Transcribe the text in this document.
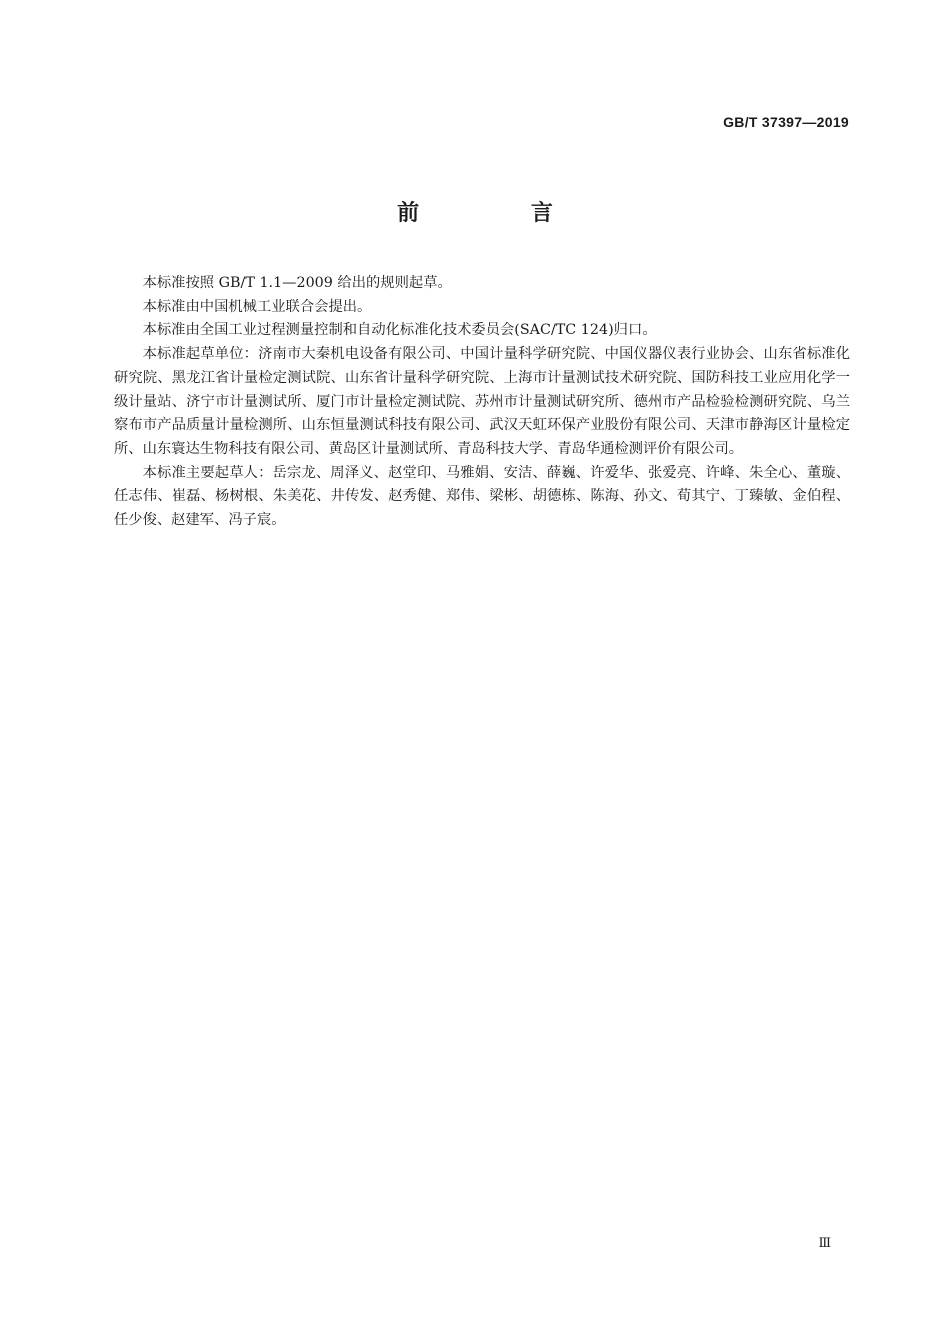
GB/T 37397—2019
前 言

本标准按照 GB/T 1.1—2009 给出的规则起草。

本标准由中国机械工业联合会提出。

本标准由全国工业过程测量控制和自动化标准化技术委员会(SAC/TC 124)归口。

本标准起草单位：济南市大秦机电设备有限公司、中国计量科学研究院、中国仪器仪表行业协会、山东省标准化研究院、黑龙江省计量检定测试院、山东省计量科学研究院、上海市计量测试技术研究院、国防科技工业应用化学一级计量站、济宁市计量测试所、厦门市计量检定测试院、苏州市计量测试研究所、德州市产品检验检测研究院、乌兰察布市产品质量计量检测所、山东恒量测试科技有限公司、武汉天虹环保产业股份有限公司、天津市静海区计量检定所、山东寰达生物科技有限公司、黄岛区计量测试所、青岛科技大学、青岛华通检测评价有限公司。

本标准主要起草人：岳宗龙、周泽义、赵堂印、马雅娟、安洁、薛巍、许爱华、张爱亮、许峰、朱全心、董璇、任志伟、崔磊、杨树根、朱美花、井传发、赵秀健、郑伟、梁彬、胡德栋、陈海、孙文、荀其宁、丁臻敏、金伯程、任少俊、赵建军、冯子宸。

Ⅲ
